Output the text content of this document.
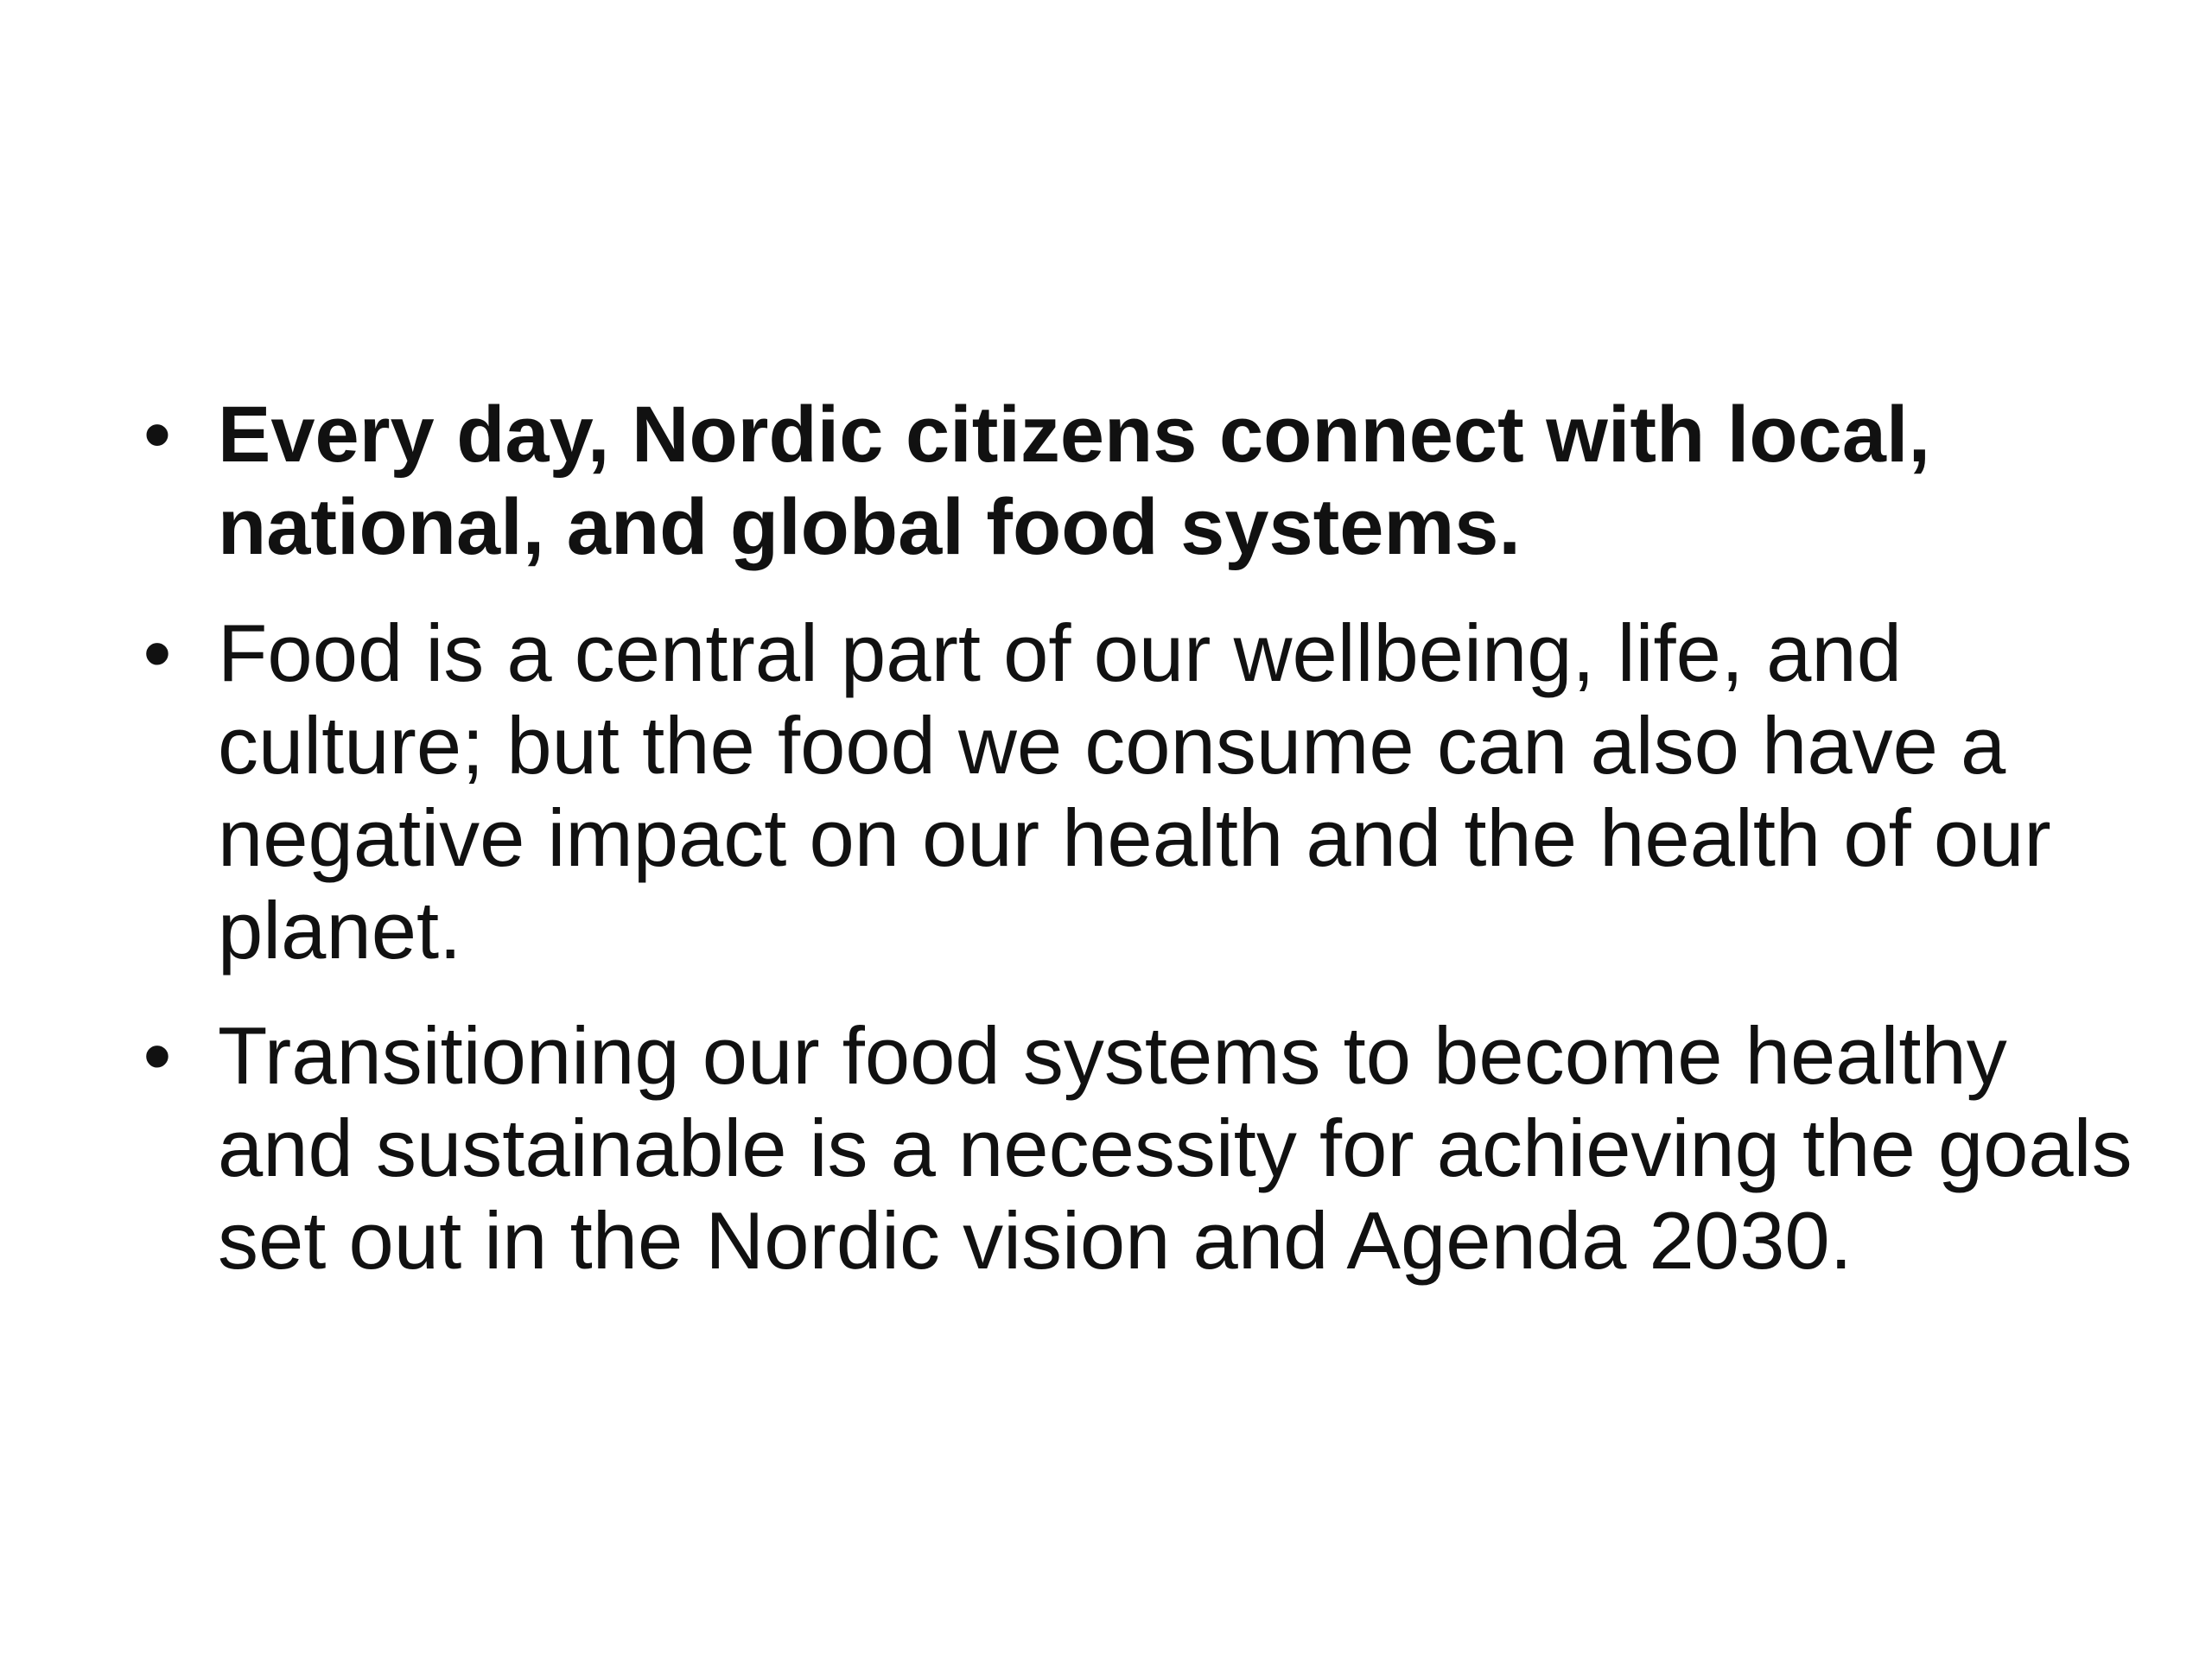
• Every day, Nordic citizens connect with local, national, and global food systems.
• Food is a central part of our wellbeing, life, and culture; but the food we consume can also have a negative impact on our health and the health of our planet.
• Transitioning our food systems to become healthy and sustainable is a necessity for achieving the goals set out in the Nordic vision and Agenda 2030.
